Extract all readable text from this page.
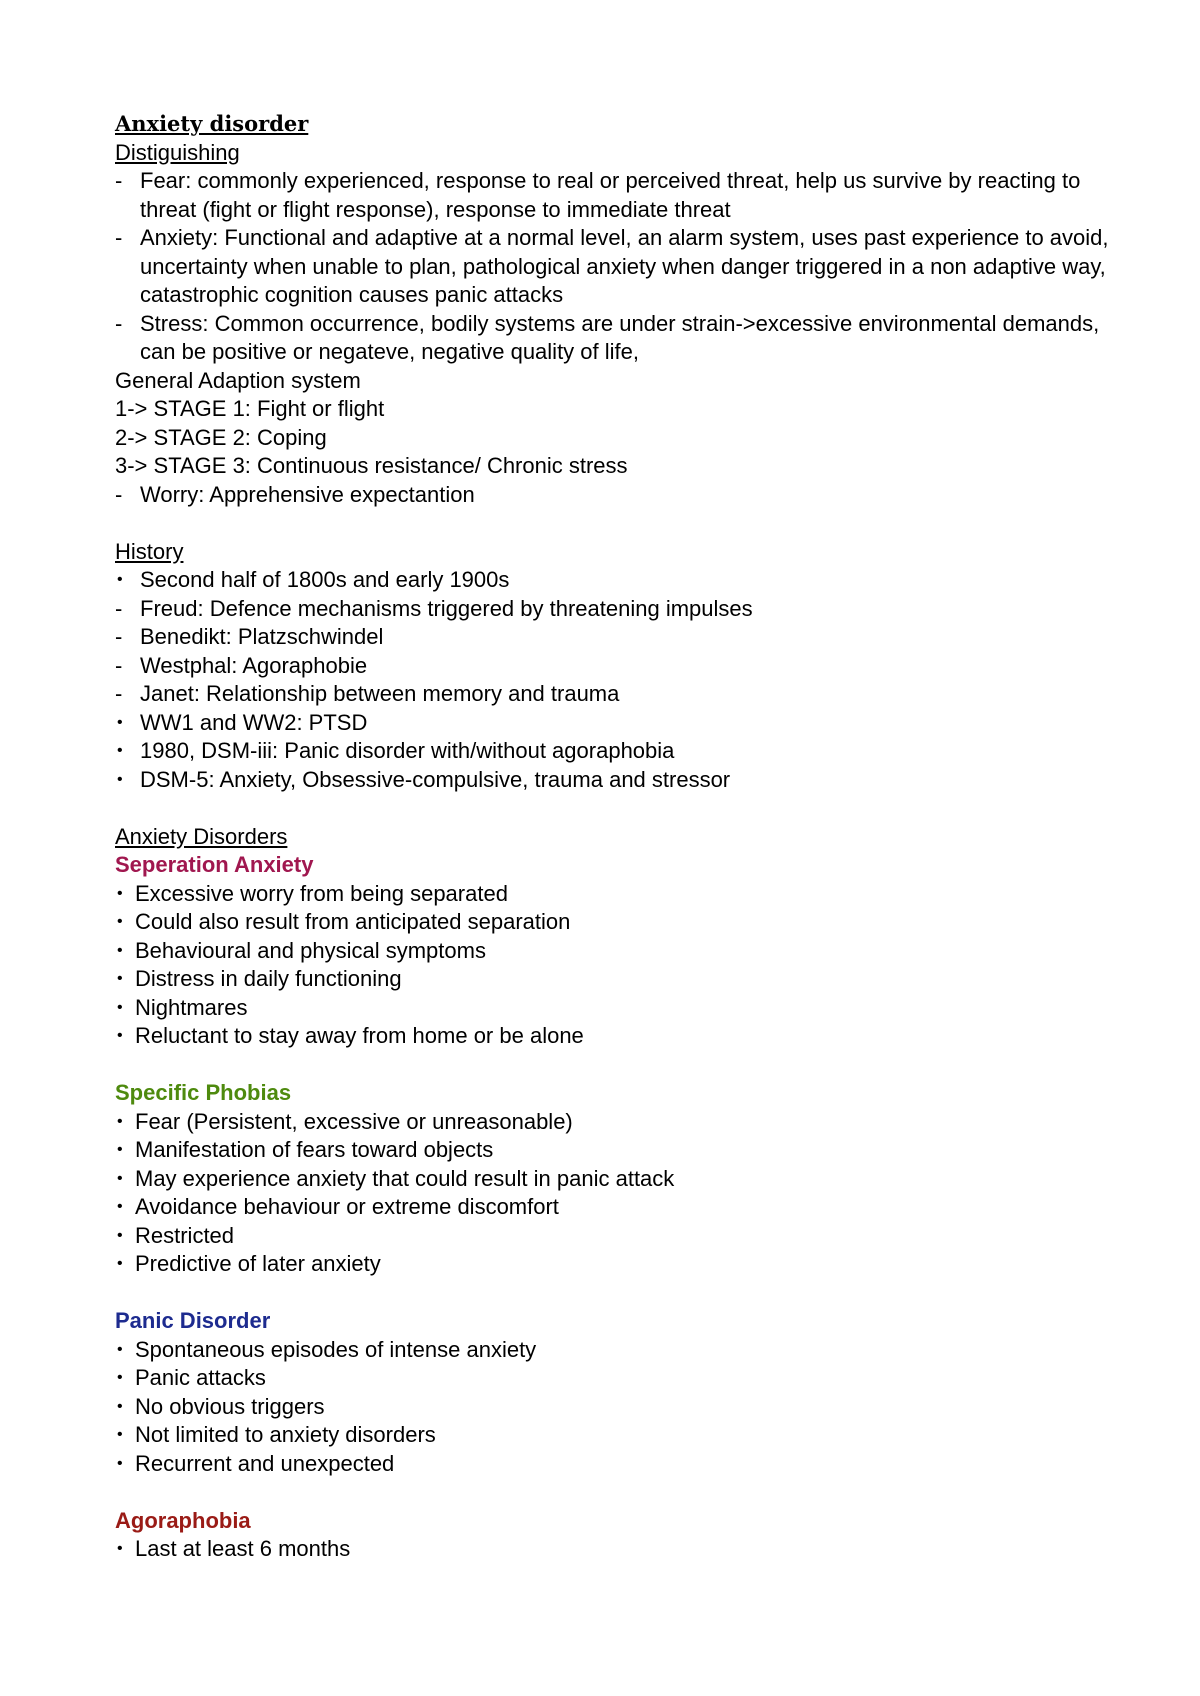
Anxiety disorder
Distiguishing
- Fear: commonly experienced, response to real or perceived threat, help us survive by reacting to threat (fight or flight response), response to immediate threat
- Anxiety: Functional and adaptive at a normal level, an alarm system, uses past experience to avoid, uncertainty when unable to plan, pathological anxiety when danger triggered in a non adaptive way, catastrophic cognition causes panic attacks
- Stress: Common occurrence, bodily systems are under strain->excessive environmental demands, can be positive or negateve, negative quality of life,
General Adaption system
1-> STAGE 1: Fight or flight
2-> STAGE 2: Coping
3-> STAGE 3: Continuous resistance/ Chronic stress
- Worry: Apprehensive expectantion
History
• Second half of 1800s and early 1900s
- Freud: Defence mechanisms triggered by threatening impulses
- Benedikt: Platzschwindel
- Westphal: Agoraphobie
- Janet: Relationship between memory and trauma
• WW1 and WW2: PTSD
• 1980, DSM-iii: Panic disorder with/without agoraphobia
• DSM-5: Anxiety, Obsessive-compulsive, trauma and stressor
Anxiety Disorders
Seperation Anxiety
• Excessive worry from being separated
• Could also result from anticipated separation
• Behavioural and physical symptoms
• Distress in daily functioning
• Nightmares
• Reluctant to stay away from home or be alone
Specific Phobias
• Fear (Persistent, excessive or unreasonable)
• Manifestation of fears toward objects
• May experience anxiety that could result in panic attack
• Avoidance behaviour or extreme discomfort
• Restricted
• Predictive of later anxiety
Panic Disorder
• Spontaneous episodes of intense anxiety
• Panic attacks
• No obvious triggers
• Not limited to anxiety disorders
• Recurrent and unexpected
Agoraphobia
• Last at least 6 months
